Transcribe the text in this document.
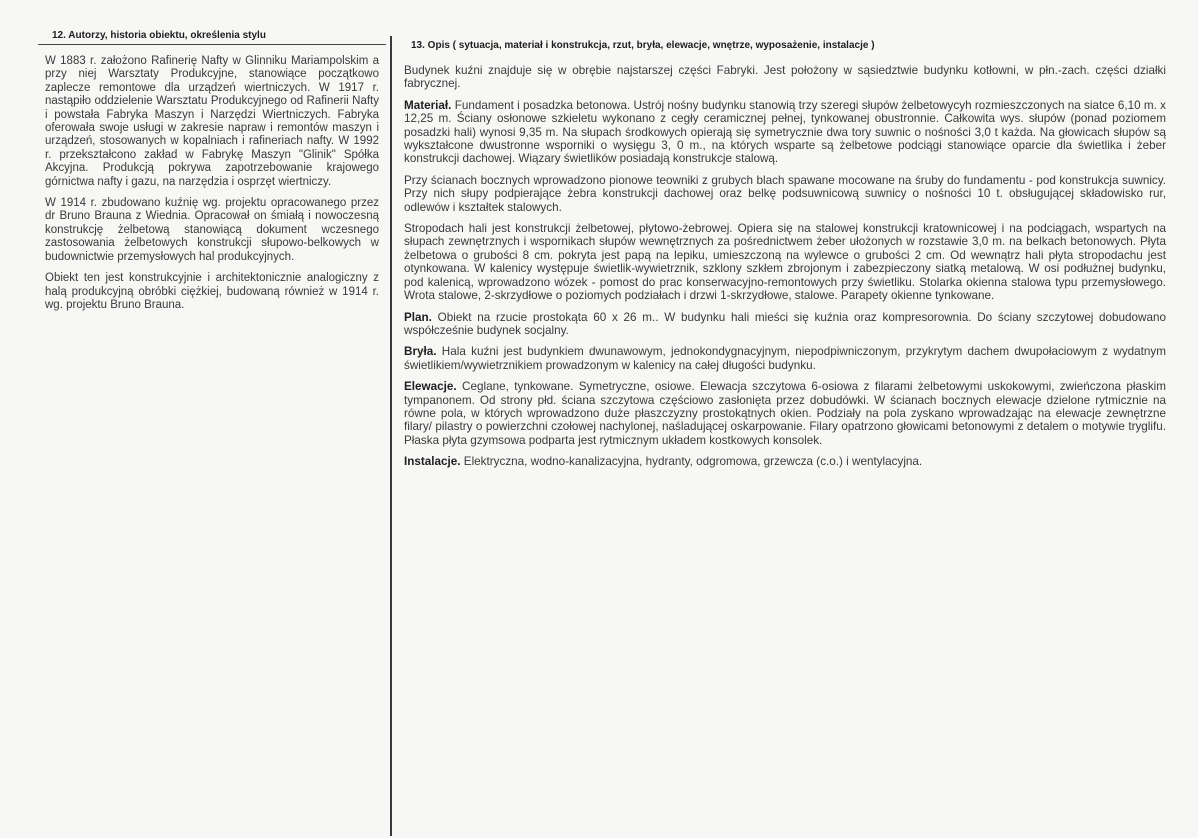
12. Autorzy, historia obiektu, określenia stylu

W 1883 r. założono Rafinerię Nafty w Glinniku Mariampolskim a przy niej Warsztaty Produkcyjne, stanowiące początkowo zaplecze remontowe dla urządzeń wiertniczych. W 1917 r. nastąpiło oddzielenie Warsztatu Produkcyjnego od Rafinerii Nafty i powstała Fabryka Maszyn i Narzędzi Wiertniczych. Fabryka oferowała swoje usługi w zakresie napraw i remontów maszyn i urządzeń, stosowanych w kopalniach i rafineriach nafty. W 1992 r. przekształcono zakład w Fabrykę Maszyn "Glinik" Spółka Akcyjna. Produkcją pokrywa zapotrzebowanie krajowego górnictwa nafty i gazu, na narzędzia i osprzęt wiertniczy.

W 1914 r. zbudowano kuźnię wg. projektu opracowanego przez dr Bruno Brauna z Wiednia. Opracował on śmiałą i nowoczesną konstrukcję żelbetową stanowiącą dokument wczesnego zastosowania żelbetowych konstrukcji słupowo-belkowych w budownictwie przemysłowych hal produkcyjnych.

Obiekt ten jest konstrukcyjnie i architektonicznie analogiczny z halą produkcyjną obróbki ciężkiej, budowaną również w 1914 r. wg. projektu Bruno Brauna.

13. Opis ( sytuacja, materiał i konstrukcja, rzut, bryła, elewacje, wnętrze, wyposażenie, instalacje )

Budynek kuźni znajduje się w obrębie najstarszej części Fabryki. Jest położony w sąsiedztwie budynku kotłowni, w płn.-zach. części działki fabrycznej.

Materiał. Fundament i posadzka betonowa. Ustrój nośny budynku stanowią trzy szeregi słupów żelbetowycyh rozmieszczonych na siatce 6,10 m. x 12,25 m. Ściany osłonowe szkieletu wykonano z cegły ceramicznej pełnej, tynkowanej obustronnie. Całkowita wys. słupów (ponad poziomem posadzki hali) wynosi 9,35 m. Na słupach środkowych opierają się symetrycznie dwa tory suwnic o nośności 3,0 t każda. Na głowicach słupów są wykształcone dwustronne wsporniki o wysięgu 3, 0 m., na których wsparte są żelbetowe podciągi stanowiące oparcie dla świetlika i żeber konstrukcji dachowej. Wiązary świetlików posiadają konstrukcje stalową.

Przy ścianach bocznych wprowadzono pionowe teowniki z grubych blach spawane mocowane na śruby do fundamentu - pod konstrukcja suwnicy. Przy nich słupy podpierające żebra konstrukcji dachowej oraz belkę podsuwnicową suwnicy o nośności 10 t. obsługującej składowisko rur, odlewów i kształtek stalowych.

Stropodach hali jest konstrukcji żelbetowej, płytowo-żebrowej. Opiera się na stalowej konstrukcji kratownicowej i na podciągach, wspartych na słupach zewnętrznych i wspornikach słupów wewnętrznych za pośrednictwem żeber ułożonych w rozstawie 3,0 m. na belkach betonowych. Płyta żelbetowa o grubości 8 cm. pokryta jest papą na lepiku, umieszczoną na wylewce o grubości 2 cm. Od wewnątrz hali płyta stropodachu jest otynkowana. W kalenicy występuje świetlik-wywietrznik, szklony szkłem zbrojonym i zabezpieczony siatką metalową. W osi podłużnej budynku, pod kalenicą, wprowadzono wózek - pomost do prac konserwacyjno-remontowych przy świetliku. Stolarka okienna stalowa typu przemysłowego. Wrota stalowe, 2-skrzydłowe o poziomych podziałach i drzwi 1-skrzydłowe, stalowe. Parapety okienne tynkowane.

Plan. Obiekt na rzucie prostokąta 60 x 26 m.. W budynku hali mieści się kuźnia oraz kompresorownia. Do ściany szczytowej dobudowano współcześnie budynek socjalny.

Bryła. Hala kuźni jest budynkiem dwunawowym, jednokondygnacyjnym, niepodpiwniczonym, przykrytym dachem dwupołaciowym z wydatnym świetlikiem/wywietrznikiem prowadzonym w kalenicy na całej długości budynku.

Elewacje. Ceglane, tynkowane. Symetryczne, osiowe. Elewacja szczytowa 6-osiowa z filarami żelbetowymi uskokowymi, zwieńczona płaskim tympanonem. Od strony płd. ściana szczytowa częściowo zasłonięta przez dobudówki. W ścianach bocznych elewacje dzielone rytmicznie na równe pola, w których wprowadzono duże płaszczyzny prostokątnych okien. Podziały na pola zyskano wprowadzając na elewacje zewnętrzne filary/ pilastry o powierzchni czołowej nachylonej, naśladującej oskarpowanie. Filary opatrzono głowicami betonowymi z detalem o motywie tryglifu. Płaska płyta gzymsowa podparta jest rytmicznym układem kostkowych konsolek.

Instalacje. Elektryczna, wodno-kanalizacyjna, hydranty, odgromowa, grzewcza (c.o.) i wentylacyjna.
